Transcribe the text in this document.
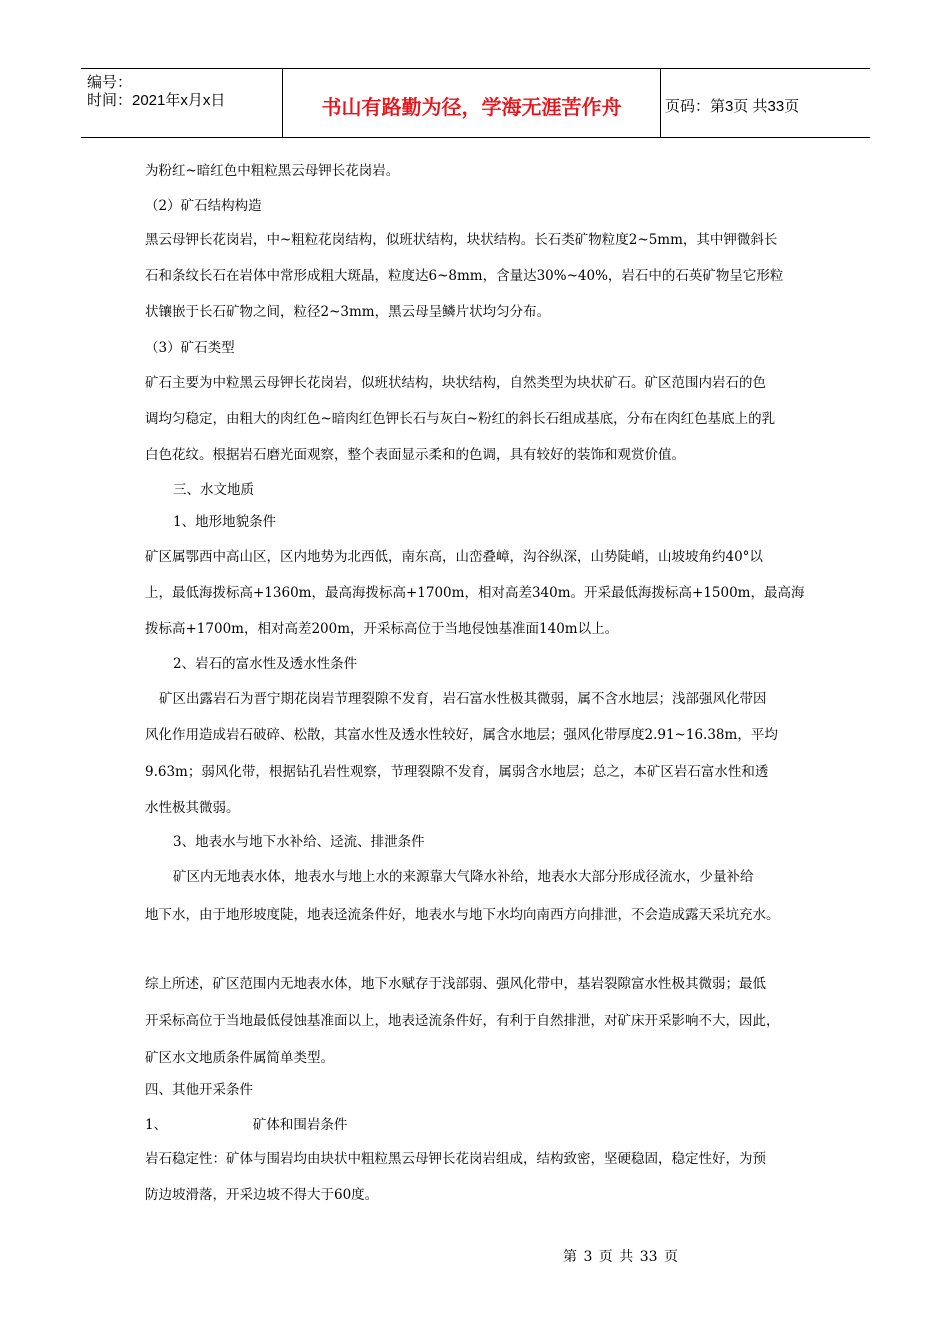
编号：
时间：2021年x月x日	书山有路勤为径，学海无涯苦作舟	页码：第3页 共33页
为粉红~暗红色中粗粒黑云母钾长花岗岩。
（2）矿石结构构造
黑云母钾长花岗岩，中~粗粒花岗结构，似班状结构，块状结构。长石类矿物粒度2~5mm，其中钾微斜长
石和条纹长石在岩体中常形成粗大斑晶，粒度达6~8mm，含量达30%~40%，岩石中的石英矿物呈它形粒
状镶嵌于长石矿物之间，粒径2~3mm，黑云母呈鳞片状均匀分布。
（3）矿石类型
矿石主要为中粒黑云母钾长花岗岩，似班状结构，块状结构，自然类型为块状矿石。矿区范围内岩石的色
调均匀稳定，由粗大的肉红色~暗肉红色钾长石与灰白~粉红的斜长石组成基底，分布在肉红色基底上的乳
白色花纹。根据岩石磨光面观察，整个表面显示柔和的色调，具有较好的装饰和观赏价值。
三、水文地质
1、地形地貌条件
矿区属鄂西中高山区，区内地势为北西低，南东高，山峦叠嶂，沟谷纵深，山势陡峭，山坡坡角约40°以
上，最低海拨标高+1360m，最高海拨标高+1700m，相对高差340m。开采最低海拨标高+1500m，最高海
拨标高+1700m，相对高差200m，开采标高位于当地侵蚀基准面140m以上。
2、岩石的富水性及透水性条件
矿区出露岩石为晋宁期花岗岩节理裂隙不发育，岩石富水性极其微弱，属不含水地层；浅部强风化带因
风化作用造成岩石破碎、松散，其富水性及透水性较好，属含水地层；强风化带厚度2.91~16.38m，平均
9.63m；弱风化带，根据钻孔岩性观察，节理裂隙不发育，属弱含水地层；总之，本矿区岩石富水性和透
水性极其微弱。
3、地表水与地下水补给、迳流、排泄条件
矿区内无地表水体，地表水与地上水的来源靠大气降水补给，地表水大部分形成径流水，少量补给
地下水，由于地形坡度陡，地表迳流条件好，地表水与地下水均向南西方向排泄，不会造成露天采坑充水。
综上所述，矿区范围内无地表水体，地下水赋存于浅部弱、强风化带中，基岩裂隙富水性极其微弱；最低
开采标高位于当地最低侵蚀基准面以上，地表迳流条件好，有利于自然排泄，对矿床开采影响不大，因此，
矿区水文地质条件属简单类型。
四、其他开采条件
1、                    矿体和围岩条件
岩石稳定性：矿体与围岩均由块状中粗粒黑云母钾长花岗岩组成，结构致密，坚硬稳固，稳定性好，为预
防边坡滑落，开采边坡不得大于60度。
第 3 页 共 33 页
